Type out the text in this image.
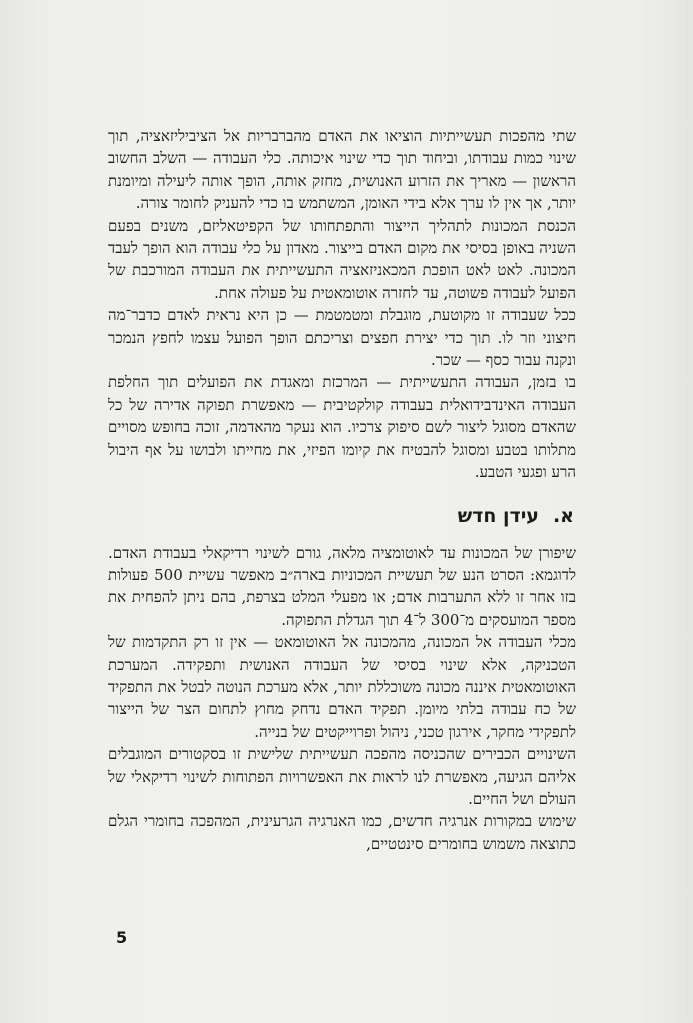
שתי מהפכות תעשייתיות הוציאו את האדם מהברבריות אל הציביליזאציה, תוך שינוי כמות עבודתו, וביחוד תוך כדי שינוי איכותה. כלי העבודה — השלב החשוב הראשון — מאריך את הזרוע האנושית, מחזק אותה, הופך אותה ליעילה ומיומנת יותר, אך אין לו ערך אלא בידי האומן, המשתמש בו כדי להעניק לחומר צורה.

הכנסת המכונות לתהליך הייצור והתפתחותו של הקפיטאליזם, משנים בפעם השניה באופן בסיסי את מקום האדם בייצור. מאדון על כלי עבודה הוא הופך לעבד המכונה. לאט לאט הופכת המכאניזאציה התעשייתית את העבודה המורכבת של הפועל לעבודה פשוטה, עד לחזרה אוטומאטית על פעולה אחת.

ככל שעבודה זו מקוטעת, מוגבלת ומטמטמת — כן היא נראית לאדם כדבר־מה חיצוני וזר לו. תוך כדי יצירת חפצים וצריכתם הופך הפועל עצמו לחפץ הנמכר ונקנה עבור כסף — שכר.

בו בזמן, העבודה התעשייתית — המרכזת ומאגדת את הפועלים תוך החלפת העבודה האינדבידואלית בעבודה קולקטיבית — מאפשרת תפוקה אדירה של כל שהאדם מסוגל ליצור לשם סיפוק צרכיו. הוא נעקר מהאדמה, זוכה בחופש מסויים מתלותו בטבע ומסוגל להבטיח את קיומו הפיזי, את מחייתו ולבושו על אף היבול הרע ופגעי הטבע.

א.עידן חדש

שיפורן של המכונות עד לאוטומציה מלאה, גורם לשינוי רדיקאלי בעבודת האדם. לדוגמא: הסרט הנע של תעשיית המכוניות בארה״ב מאפשר עשיית 500 פעולות בזו אחר זו ללא התערבות אדם; או מפעלי המלט בצרפת, בהם ניתן להפחית את מספר המועסקים מ־300 ל־4 תוך הגדלת התפוקה.

מכלי העבודה אל המכונה, מהמכונה אל האוטומאט — אין זו רק התקדמות של הטכניקה, אלא שינוי בסיסי של העבודה האנושית ותפקידה. המערכת האוטומאטית איננה מכונה משוכללת יותר, אלא מערכת הנוטה לבטל את התפקיד של כח עבודה בלתי מיומן. תפקיד האדם נדחק מחוץ לתחום הצר של הייצור לתפקידי מחקר, אירגון טכני, ניהול ופרוייקטים של בנייה.

השינויים הכבירים שהכניסה מהפכה תעשייתית שלישית זו בסקטורים המוגבלים אליהם הגיעה, מאפשרת לנו לראות את האפשרויות הפתוחות לשינוי רדיקאלי של העולם ושל החיים.

שימוש במקורות אנרגיה חדשים, כמו האנרגיה הגרעינית, המהפכה בחומרי הגלם כתוצאה משמוש בחומרים סינטטיים,

5
